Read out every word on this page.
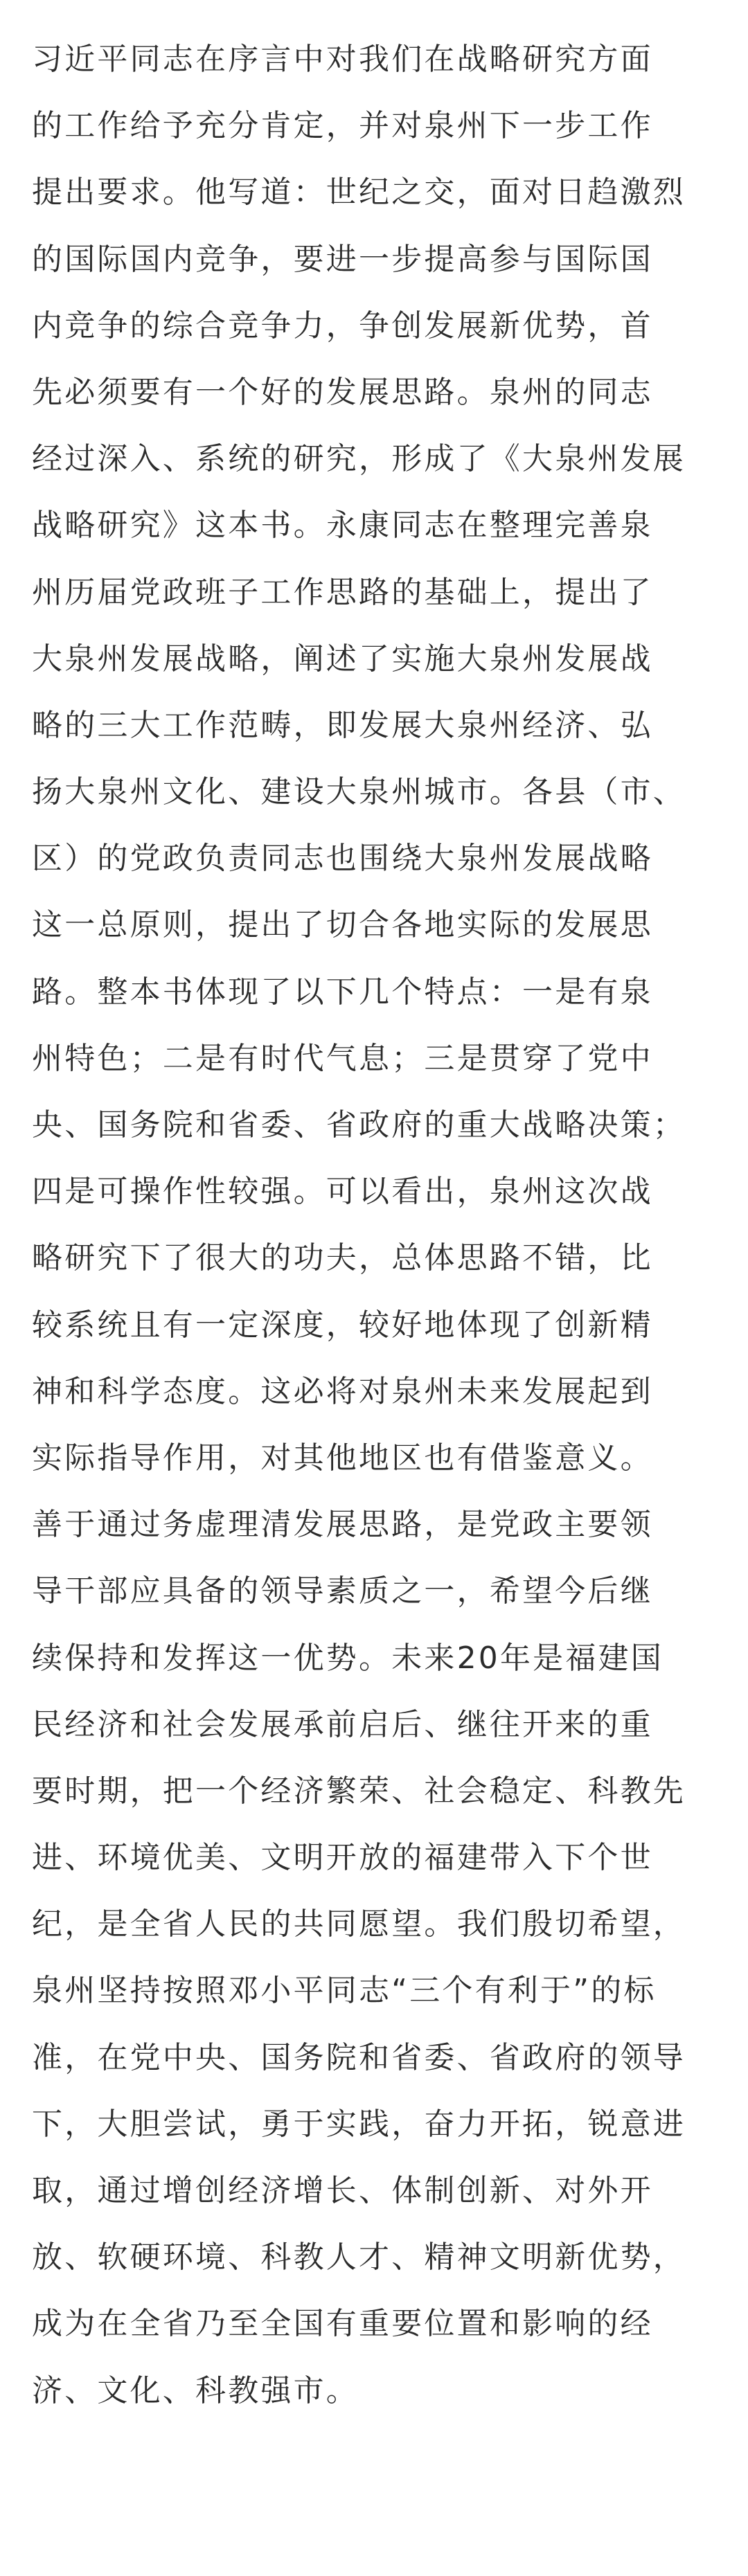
习近平同志在序言中对我们在战略研究方面
的工作给予充分肯定，并对泉州下一步工作
提出要求。他写道：世纪之交，面对日趋激烈
的国际国内竞争，要进一步提高参与国际国
内竞争的综合竞争力，争创发展新优势，首
先必须要有一个好的发展思路。泉州的同志
经过深入、系统的研究，形成了《大泉州发展
战略研究》这本书。永康同志在整理完善泉
州历届党政班子工作思路的基础上，提出了
大泉州发展战略，阐述了实施大泉州发展战
略的三大工作范畴，即发展大泉州经济、弘
扬大泉州文化、建设大泉州城市。各县（市、
区）的党政负责同志也围绕大泉州发展战略
这一总原则，提出了切合各地实际的发展思
路。整本书体现了以下几个特点：一是有泉
州特色；二是有时代气息；三是贯穿了党中
央、国务院和省委、省政府的重大战略决策；
四是可操作性较强。可以看出，泉州这次战
略研究下了很大的功夫，总体思路不错，比
较系统且有一定深度，较好地体现了创新精
神和科学态度。这必将对泉州未来发展起到
实际指导作用，对其他地区也有借鉴意义。
善于通过务虚理清发展思路，是党政主要领
导干部应具备的领导素质之一，希望今后继
续保持和发挥这一优势。未来20年是福建国
民经济和社会发展承前启后、继往开来的重
要时期，把一个经济繁荣、社会稳定、科教先
进、环境优美、文明开放的福建带入下个世
纪，是全省人民的共同愿望。我们殷切希望，
泉州坚持按照邓小平同志“三个有利于”的标
准，在党中央、国务院和省委、省政府的领导
下，大胆尝试，勇于实践，奋力开拓，锐意进
取，通过增创经济增长、体制创新、对外开
放、软硬环境、科教人才、精神文明新优势，
成为在全省乃至全国有重要位置和影响的经
济、文化、科教强市。
